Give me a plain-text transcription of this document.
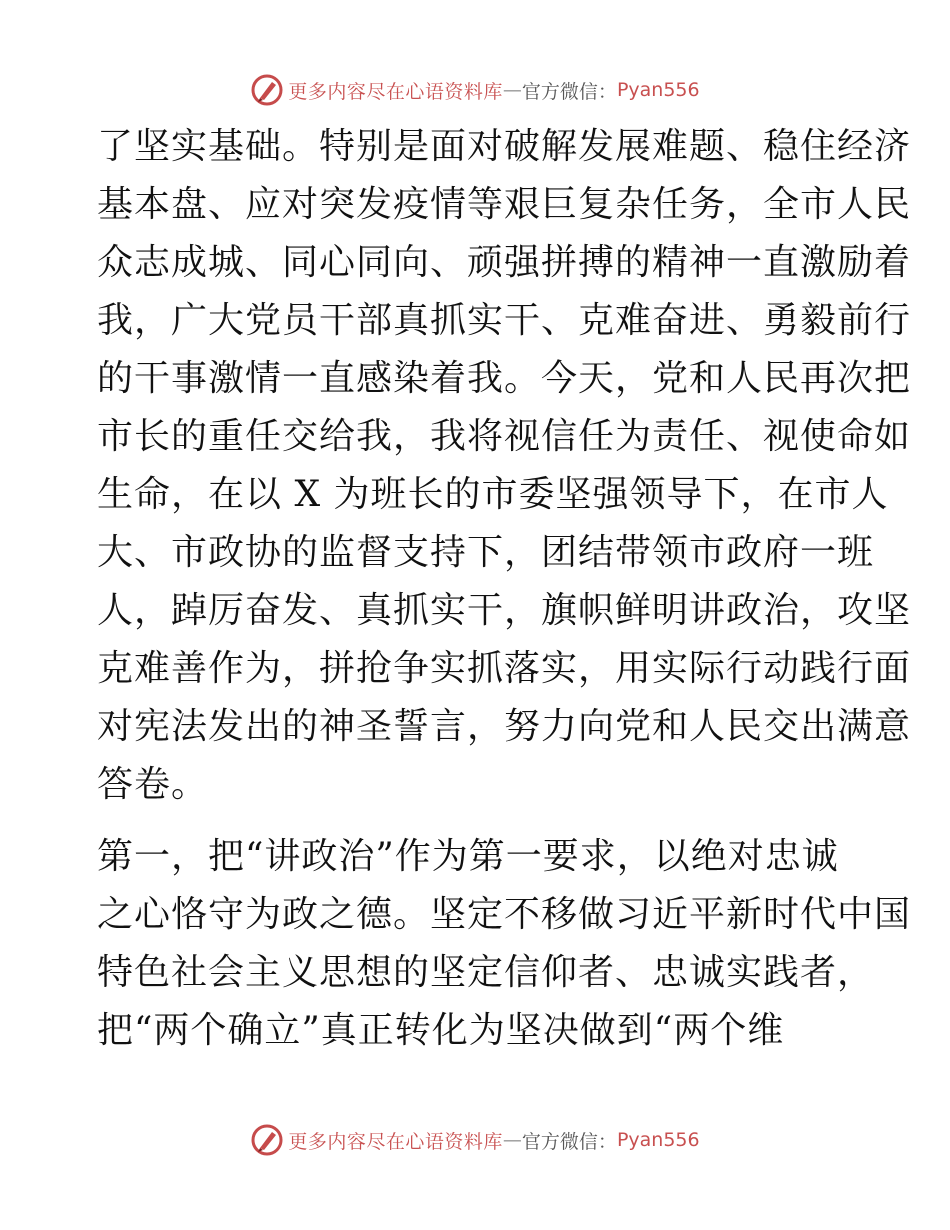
更多内容尽在心语资料库 — 官方微信： Pyan556

了坚实基础。特别是面对破解发展难题、稳住经济
基本盘、应对突发疫情等艰巨复杂任务，全市人民
众志成城、同心同向、顽强拼搏的精神一直激励着
我，广大党员干部真抓实干、克难奋进、勇毅前行
的干事激情一直感染着我。今天，党和人民再次把
市长的重任交给我，我将视信任为责任、视使命如
生命，在以 X 为班长的市委坚强领导下，在市人
大、市政协的监督支持下，团结带领市政府一班
人，踔厉奋发、真抓实干，旗帜鲜明讲政治，攻坚
克难善作为，拼抢争实抓落实，用实际行动践行面
对宪法发出的神圣誓言，努力向党和人民交出满意
答卷。

第一，把“讲政治”作为第一要求，以绝对忠诚
之心恪守为政之德。坚定不移做习近平新时代中国
特色社会主义思想的坚定信仰者、忠诚实践者，
把“两个确立”真正转化为坚决做到“两个维

更多内容尽在心语资料库 — 官方微信： Pyan556
